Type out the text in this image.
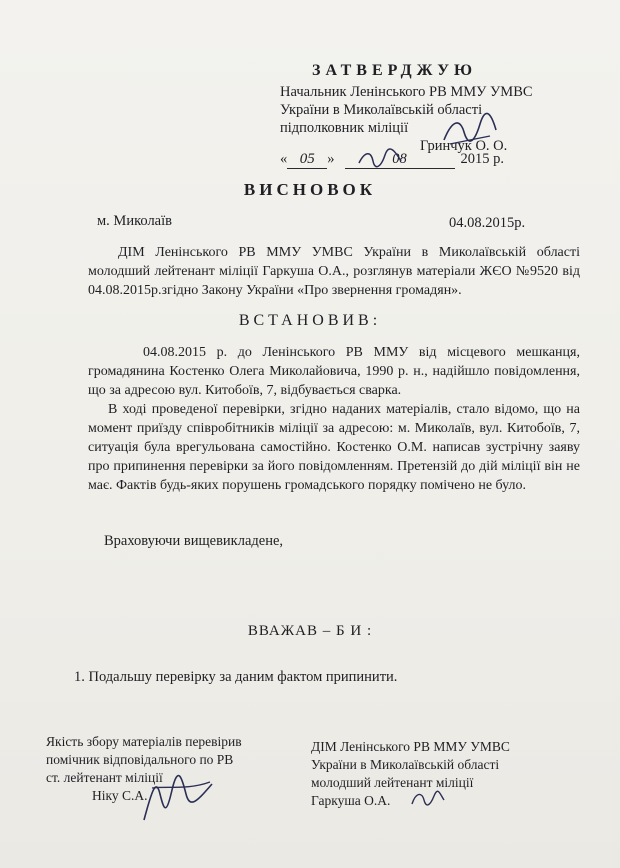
ЗАТВЕРДЖУЮ
Начальник Ленінського РВ ММУ УМВС
України в Миколаївській області
підполковник міліції
Гринчук О. О.
« 05 »	08	2015 р.
ВИСНОВОК
м. Миколаїв	04.08.2015р.
ДІМ Ленінського РВ ММУ УМВС України в Миколаївській області молодший лейтенант міліції Гаркуша О.А., розглянув матеріали ЖЄО №9520 від 04.08.2015р.згідно Закону України «Про звернення громадян».
ВСТАНОВИВ:
04.08.2015 р. до Ленінського РВ ММУ від місцевого мешканця, громадянина Костенко Олега Миколайовича, 1990 р. н., надійшло повідомлення, що за адресою вул. Китобоїв, 7, відбувається сварка.
В ході проведеної перевірки, згідно наданих матеріалів, стало відомо, що на момент приїзду співробітників міліції за адресою: м. Миколаїв, вул. Китобоїв, 7, ситуація була врегульована самостійно. Костенко О.М. написав зустрічну заяву про припинення перевірки за його повідомленням. Претензій до дій міліції він не має. Фактів будь-яких порушень громадського порядку помічено не було.
Враховуючи вищевикладене,
ВВАЖАВ – Б И :
1. Подальшу перевірку за даним фактом припинити.
Якість збору матеріалів перевірив
помічник відповідального по РВ
ст. лейтенант міліції
Ніку С.А.
ДІМ Ленінського РВ ММУ УМВС
України в Миколаївській області
молодший лейтенант міліції
Гаркуша О.А.
